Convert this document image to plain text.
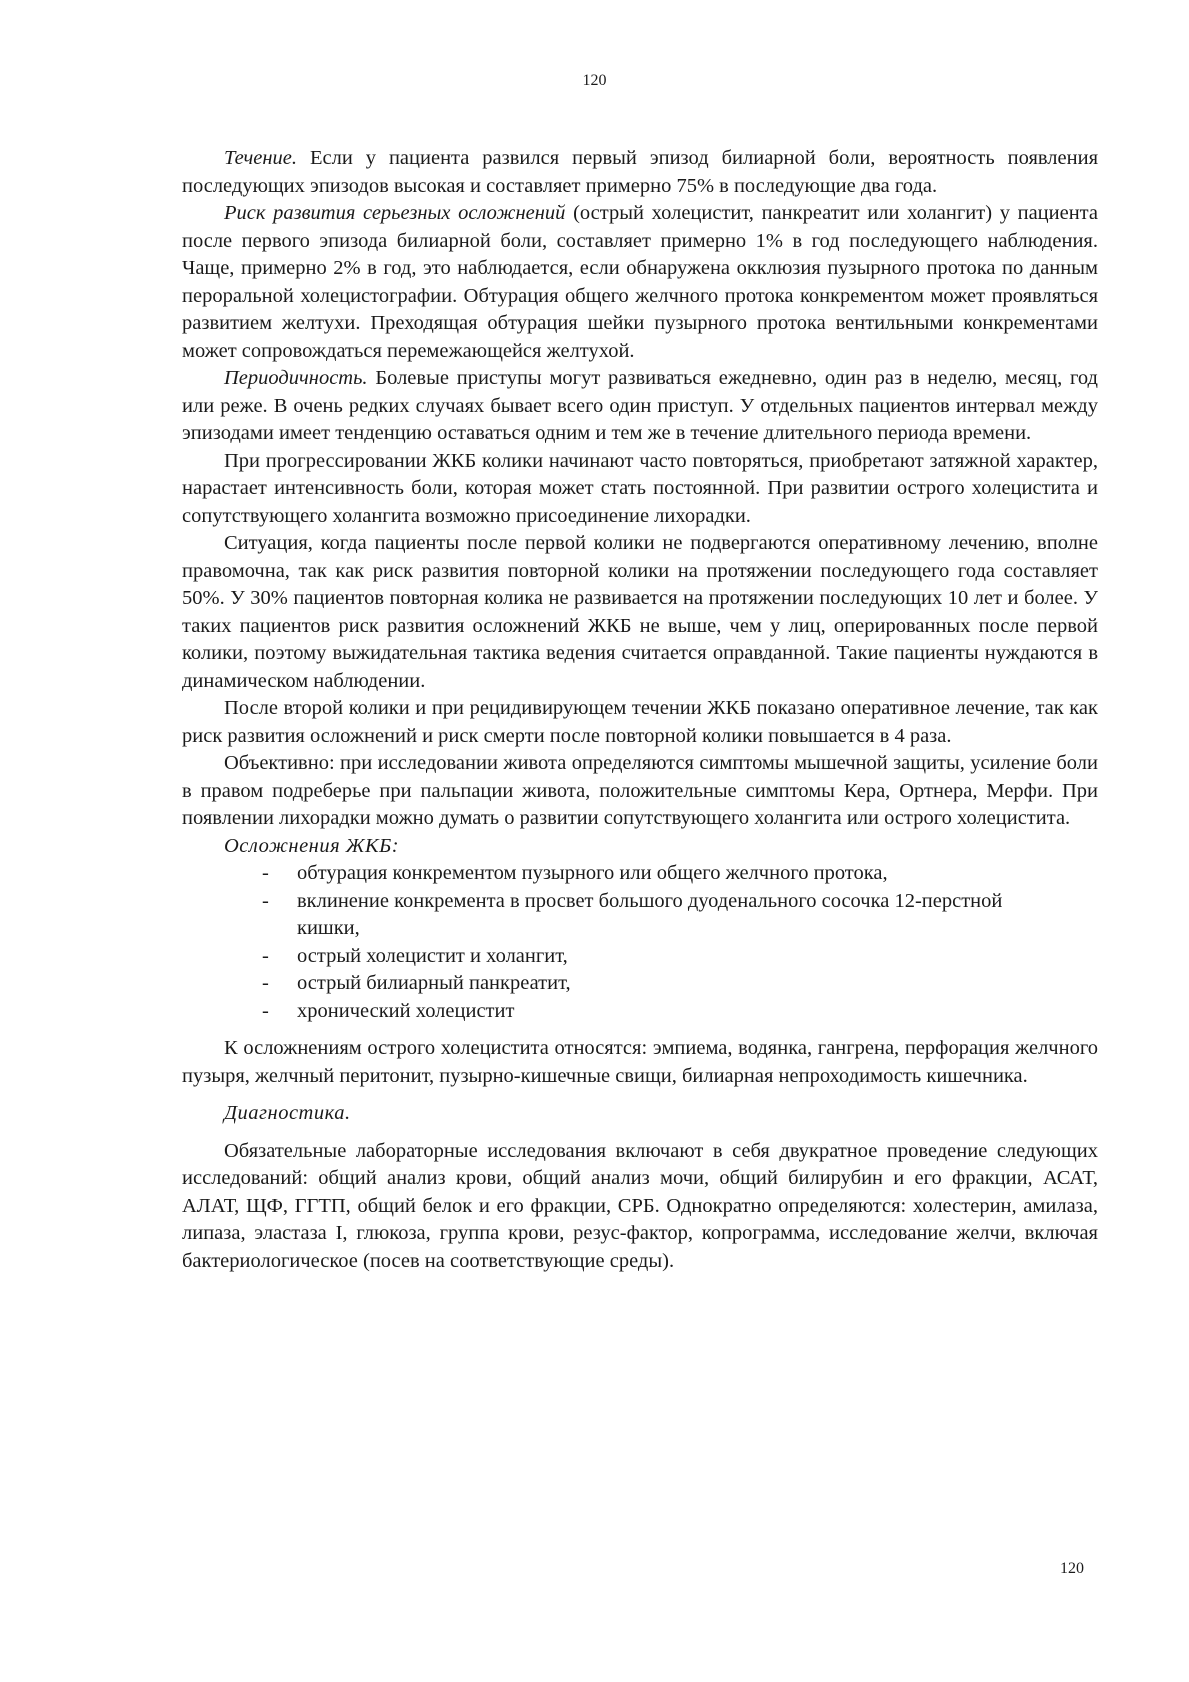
120

Течение. Если у пациента развился первый эпизод билиарной боли, вероятность появления последующих эпизодов высокая и составляет примерно 75% в последующие два года.

Риск развития серьезных осложнений (острый холецистит, панкреатит или холангит) у пациента после первого эпизода билиарной боли, составляет примерно 1% в год последующего наблюдения. Чаще, примерно 2% в год, это наблюдается, если обнаружена окклюзия пузырного протока по данным пероральной холецистографии. Обтурация общего желчного протока конкрементом может проявляться развитием желтухи. Преходящая обтурация шейки пузырного протока вентильными конкрементами может сопровождаться перемежающейся желтухой.

Периодичность. Болевые приступы могут развиваться ежедневно, один раз в неделю, месяц, год или реже. В очень редких случаях бывает всего один приступ. У отдельных пациентов интервал между эпизодами имеет тенденцию оставаться одним и тем же в течение длительного периода времени.

При прогрессировании ЖКБ колики начинают часто повторяться, приобретают затяжной характер, нарастает интенсивность боли, которая может стать постоянной. При развитии острого холецистита и сопутствующего холангита возможно присоединение лихорадки.

Ситуация, когда пациенты после первой колики не подвергаются оперативному лечению, вполне правомочна, так как риск развития повторной колики на протяжении последующего года составляет 50%. У 30% пациентов повторная колика не развивается на протяжении последующих 10 лет и более. У таких пациентов риск развития осложнений ЖКБ не выше, чем у лиц, оперированных после первой колики, поэтому выжидательная тактика ведения считается оправданной. Такие пациенты нуждаются в динамическом наблюдении.

После второй колики и при рецидивирующем течении ЖКБ показано оперативное лечение, так как риск развития осложнений и риск смерти после повторной колики повышается в 4 раза.

Объективно: при исследовании живота определяются симптомы мышечной защиты, усиление боли в правом подреберье при пальпации живота, положительные симптомы Кера, Ортнера, Мерфи. При появлении лихорадки можно думать о развитии сопутствующего холангита или острого холецистита.

Осложнения ЖКБ:

- обтурация конкрементом пузырного или общего желчного протока,
- вклинение конкремента в просвет большого дуоденального сосочка 12-перстной кишки,
- острый холецистит и холангит,
- острый билиарный панкреатит,
- хронический холецистит

К осложнениям острого холецистита относятся: эмпиема, водянка, гангрена, перфорация желчного пузыря, желчный перитонит, пузырно-кишечные свищи, билиарная непроходимость кишечника.

Диагностика.

Обязательные лабораторные исследования включают в себя двукратное проведение следующих исследований: общий анализ крови, общий анализ мочи, общий билирубин и его фракции, АСАТ, АЛАТ, ЩФ, ГГТП, общий белок и его фракции, СРБ. Однократно определяются: холестерин, амилаза, липаза, эластаза I, глюкоза, группа крови, резус-фактор, копрограмма, исследование желчи, включая бактериологическое (посев на соответствующие среды).

120
